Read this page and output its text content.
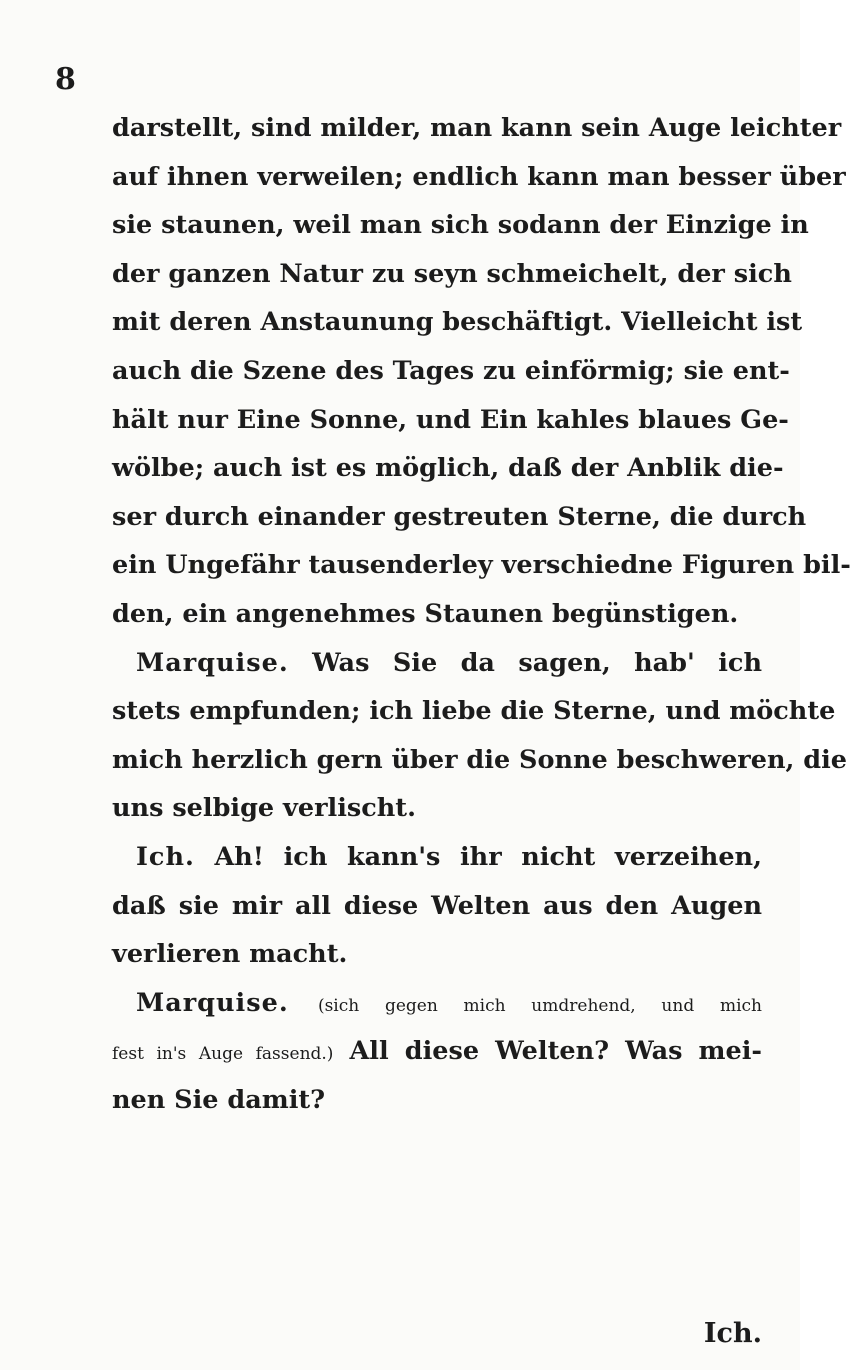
8
darstellt, sind milder, man kann sein Auge leichter
auf ihnen verweilen; endlich kann man besser über
sie staunen, weil man sich sodann der Einzige in
der ganzen Natur zu seyn schmeichelt, der sich
mit deren Anstaunung beschäftigt. Vielleicht ist
auch die Szene des Tages zu einförmig; sie ent-
hält nur Eine Sonne, und Ein kahles blaues Ge-
wölbe; auch ist es möglich, daß der Anblik die-
ser durch einander gestreuten Sterne, die durch
ein Ungefähr tausenderley verschiedne Figuren bil-
den, ein angenehmes Staunen begünstigen.
Marquise. Was Sie da sagen, hab' ich
stets empfunden; ich liebe die Sterne, und möchte
mich herzlich gern über die Sonne beschweren, die
uns selbige verlischt.
Ich. Ah! ich kann's ihr nicht verzeihen,
daß sie mir all diese Welten aus den Augen
verlieren macht.
Marquise. (sich gegen mich umdrehend, und mich
fest in's Auge fassend.) All diese Welten? Was mei-
nen Sie damit?
Ich.
